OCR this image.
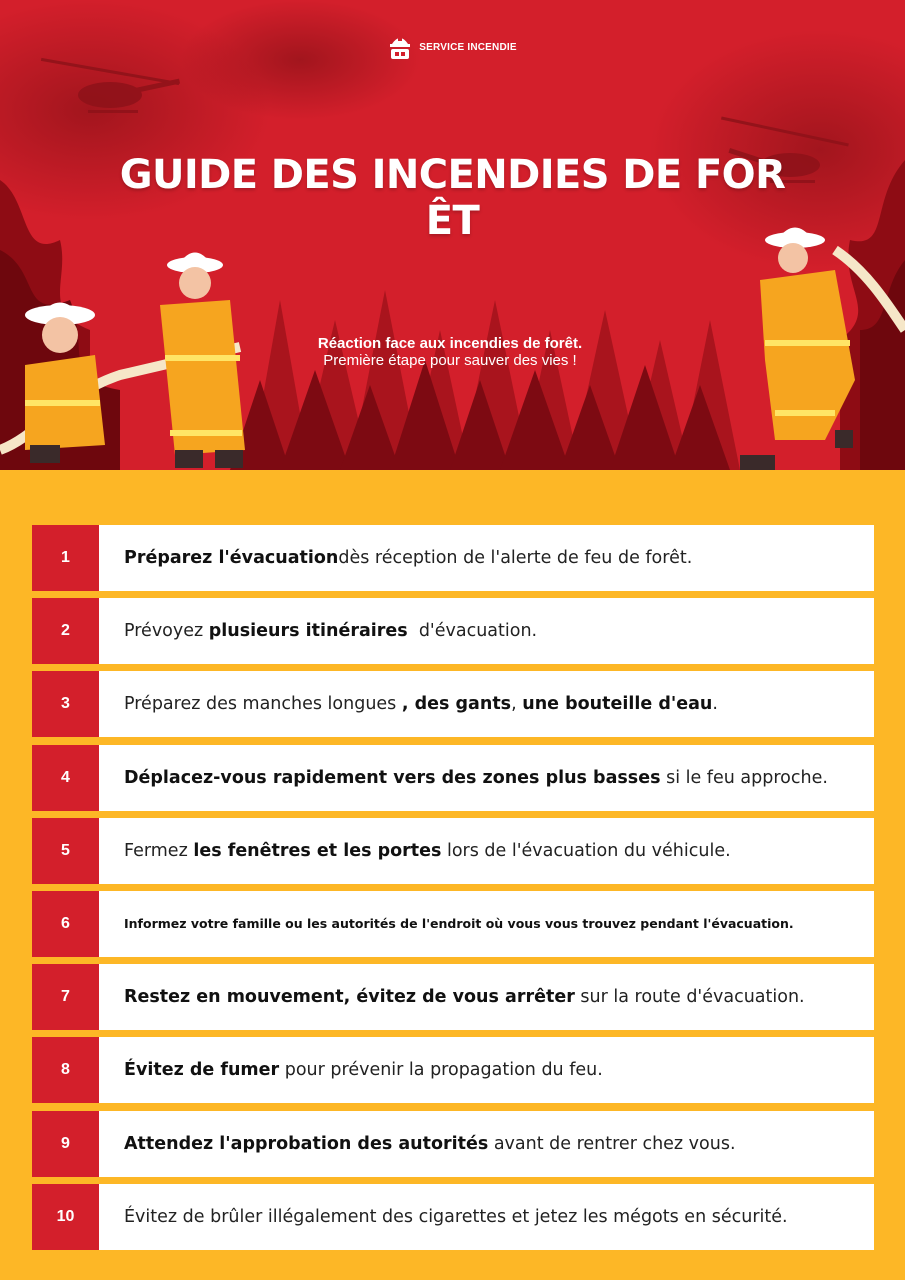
SERVICE INCENDIE
GUIDE DES INCENDIES DE FORÊT
Réaction face aux incendies de forêt.
Première étape pour sauver des vies !
1	Préparez l'évacuation dès réception de l'alerte de feu de forêt.
2	Prévoyez plusieurs itinéraires d'évacuation.
3	Préparez des manches longues , des gants , une bouteille d'eau .
4	Déplacez-vous rapidement vers des zones plus basses si le feu approche.
5	Fermez les fenêtres et les portes lors de l'évacuation du véhicule.
6	Informez votre famille ou les autorités de l'endroit où vous vous trouvez pendant l'évacuation.
7	Restez en mouvement, évitez de vous arrêter sur la route d'évacuation.
8	Évitez de fumer pour prévenir la propagation du feu.
9	Attendez l'approbation des autorités avant de rentrer chez vous.
10	Évitez de brûler illégalement des cigarettes et jetez les mégots en sécurité.
